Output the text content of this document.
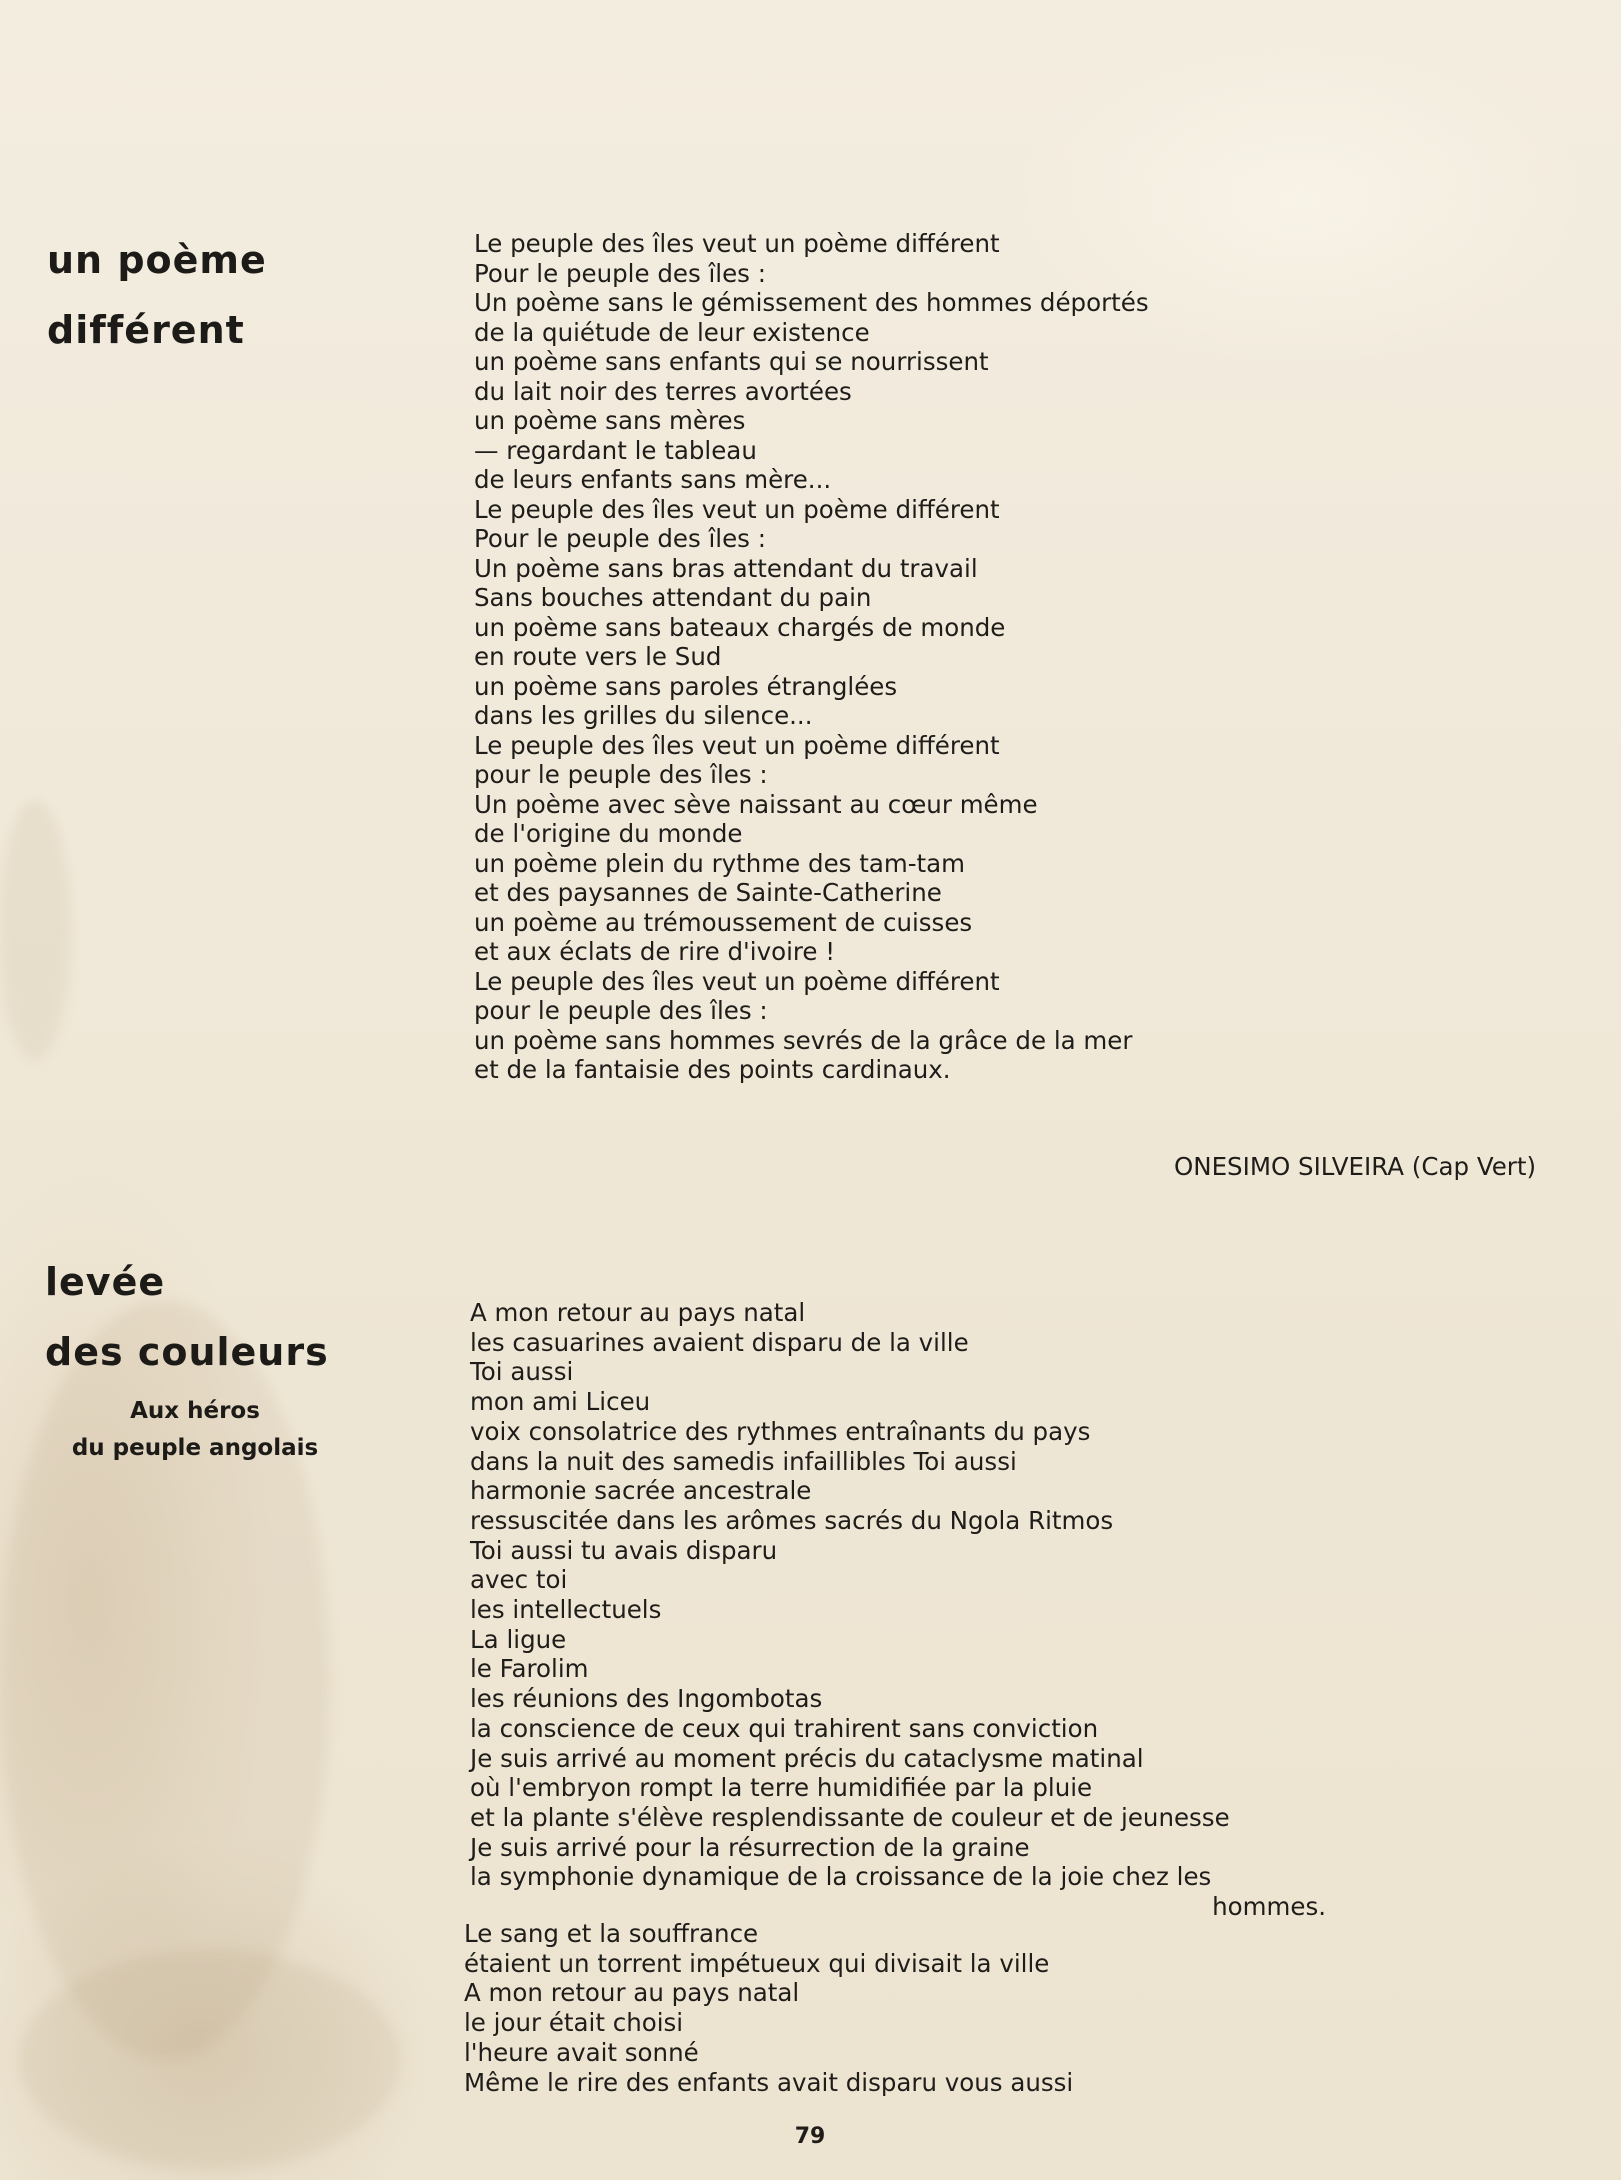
un poème
différent
Le peuple des îles veut un poème différent
Pour le peuple des îles :
Un poème sans le gémissement des hommes déportés
de la quiétude de leur existence
un poème sans enfants qui se nourrissent
du lait noir des terres avortées
un poème sans mères
— regardant le tableau
de leurs enfants sans mère...
Le peuple des îles veut un poème différent
Pour le peuple des îles :
Un poème sans bras attendant du travail
Sans bouches attendant du pain
un poème sans bateaux chargés de monde
en route vers le Sud
un poème sans paroles étranglées
dans les grilles du silence...
Le peuple des îles veut un poème différent
pour le peuple des îles :
Un poème avec sève naissant au cœur même
de l'origine du monde
un poème plein du rythme des tam-tam
et des paysannes de Sainte-Catherine
un poème au trémoussement de cuisses
et aux éclats de rire d'ivoire !
Le peuple des îles veut un poème différent
pour le peuple des îles :
un poème sans hommes sevrés de la grâce de la mer
et de la fantaisie des points cardinaux.
ONESIMO SILVEIRA (Cap Vert)
levée
des couleurs
Aux héros
du peuple angolais
A mon retour au pays natal
les casuarines avaient disparu de la ville
Toi aussi
mon ami Liceu
voix consolatrice des rythmes entraînants du pays
dans la nuit des samedis infaillibles Toi aussi
harmonie sacrée ancestrale
ressuscitée dans les arômes sacrés du Ngola Ritmos
Toi aussi tu avais disparu
avec toi
les intellectuels
La ligue
le Farolim
les réunions des Ingombotas
la conscience de ceux qui trahirent sans conviction
Je suis arrivé au moment précis du cataclysme matinal
où l'embryon rompt la terre humidifiée par la pluie
et la plante s'élève resplendissante de couleur et de jeunesse
Je suis arrivé pour la résurrection de la graine
la symphonie dynamique de la croissance de la joie chez les
hommes.
Le sang et la souffrance
étaient un torrent impétueux qui divisait la ville
A mon retour au pays natal
le jour était choisi
l'heure avait sonné
Même le rire des enfants avait disparu vous aussi
79
